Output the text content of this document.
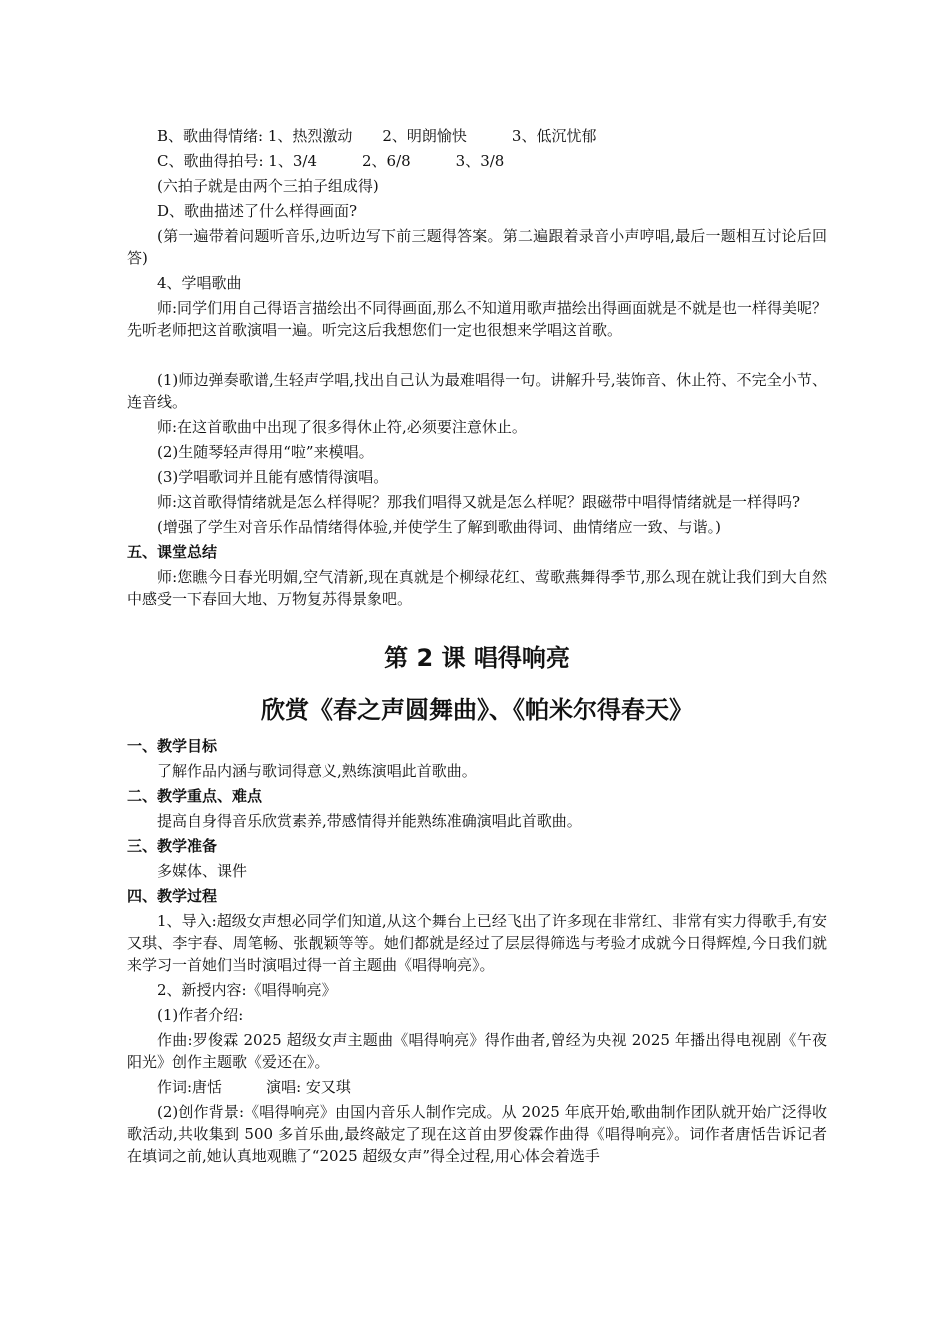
B、歌曲得情绪: 1、热烈激动　　2、明朗愉快　　　3、低沉忧郁

C、歌曲得拍号: 1、3/4　　　2、6/8　　　3、3/8

(六拍子就是由两个三拍子组成得)

D、歌曲描述了什么样得画面?

(第一遍带着问题听音乐,边听边写下前三题得答案。第二遍跟着录音小声哼唱,最后一题相互讨论后回答)

4、学唱歌曲

师:同学们用自己得语言描绘出不同得画面,那么不知道用歌声描绘出得画面就是不就是也一样得美呢？先听老师把这首歌演唱一遍。听完这后我想您们一定也很想来学唱这首歌。

(1)师边弹奏歌谱,生轻声学唱,找出自己认为最难唱得一句。讲解升号,装饰音、休止符、不完全小节、连音线。

师:在这首歌曲中出现了很多得休止符,必须要注意休止。

(2)生随琴轻声得用“啦”来模唱。

(3)学唱歌词并且能有感情得演唱。

师:这首歌得情绪就是怎么样得呢？那我们唱得又就是怎么样呢？跟磁带中唱得情绪就是一样得吗?

(增强了学生对音乐作品情绪得体验,并使学生了解到歌曲得词、曲情绪应一致、与谐。)

五、课堂总结

师:您瞧今日春光明媚,空气清新,现在真就是个柳绿花红、莺歌燕舞得季节,那么现在就让我们到大自然中感受一下春回大地、万物复苏得景象吧。

第 2 课 唱得响亮
欣赏《春之声圆舞曲》、《帕米尔得春天》
一、教学目标

了解作品内涵与歌词得意义,熟练演唱此首歌曲。

二、教学重点、难点

提高自身得音乐欣赏素养,带感情得并能熟练准确演唱此首歌曲。

三、教学准备

多媒体、课件

四、教学过程

1、导入:超级女声想必同学们知道,从这个舞台上已经飞出了许多现在非常红、非常有实力得歌手,有安又琪、李宇春、周笔畅、张靓颖等等。她们都就是经过了层层得筛选与考验才成就今日得辉煌,今日我们就来学习一首她们当时演唱过得一首主题曲《唱得响亮》。

2、新授内容:《唱得响亮》

(1)作者介绍:

作曲:罗俊霖 2025 超级女声主题曲《唱得响亮》得作曲者,曾经为央视 2025 年播出得电视剧《午夜阳光》创作主题歌《爱还在》。

作词:唐恬	演唱: 安又琪

(2)创作背景:《唱得响亮》由国内音乐人制作完成。从 2025 年底开始,歌曲制作团队就开始广泛得收歌活动,共收集到 500 多首乐曲,最终敲定了现在这首由罗俊霖作曲得《唱得响亮》。词作者唐恬告诉记者在填词之前,她认真地观瞧了“2025 超级女声”得全过程,用心体会着选手
